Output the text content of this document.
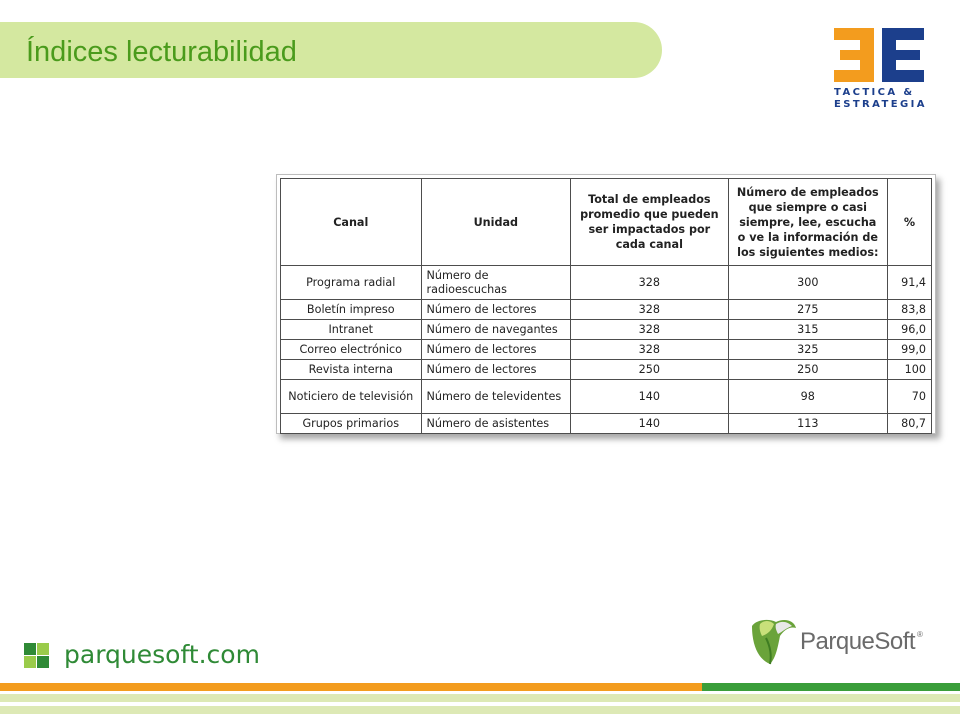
Índices lecturabilidad
TACTICA &
ESTRATEGIA
Canal	Unidad	Total de empleados promedio que pueden ser impactados por cada canal	Número de empleados que siempre o casi siempre, lee, escucha o ve la información de los siguientes medios:	%
Programa radial	Número de radioescuchas	328	300	91,4
Boletín impreso	Número de lectores	328	275	83,8
Intranet	Número de navegantes	328	315	96,0
Correo electrónico	Número de lectores	328	325	99,0
Revista interna	Número de lectores	250	250	100
Noticiero de televisión	Número de televidentes	140	98	70
Grupos primarios	Número de asistentes	140	113	80,7
parquesoft.com	ParqueSoft ®
